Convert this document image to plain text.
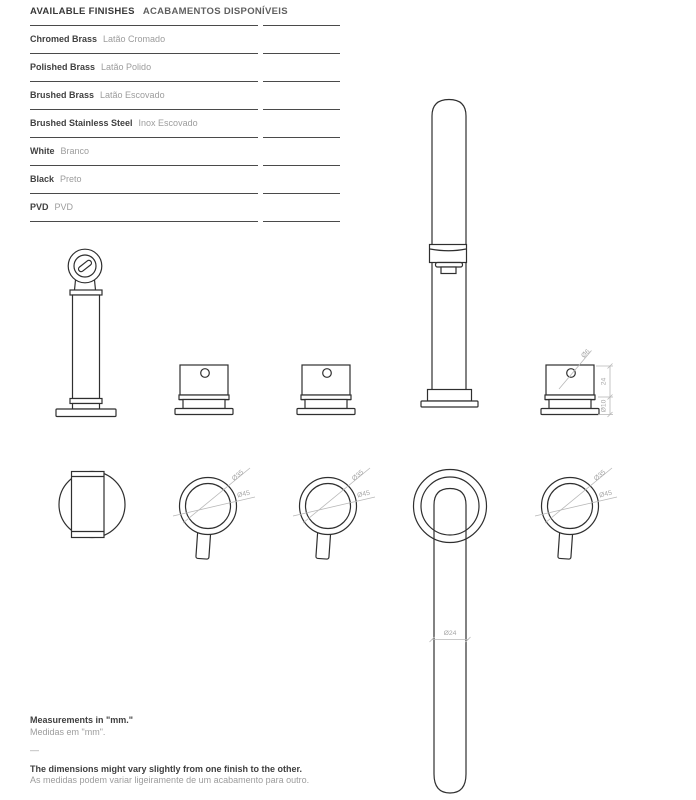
AVAILABLE FINISHES ACABAMENTOS DISPONÍVEIS
Chromed Brass Latão Cromado
Polished Brass Latão Polido
Brushed Brass Latão Escovado
Brushed Stainless Steel Inox Escovado
White Branco
Black Preto
PVD PVD
Ø6
24
Ø10
Ø24
Measurements in "mm."
Medidas em "mm".
—
The dimensions might vary slightly from one finish to the other.
As medidas podem variar ligeiramente de um acabamento para outro.
